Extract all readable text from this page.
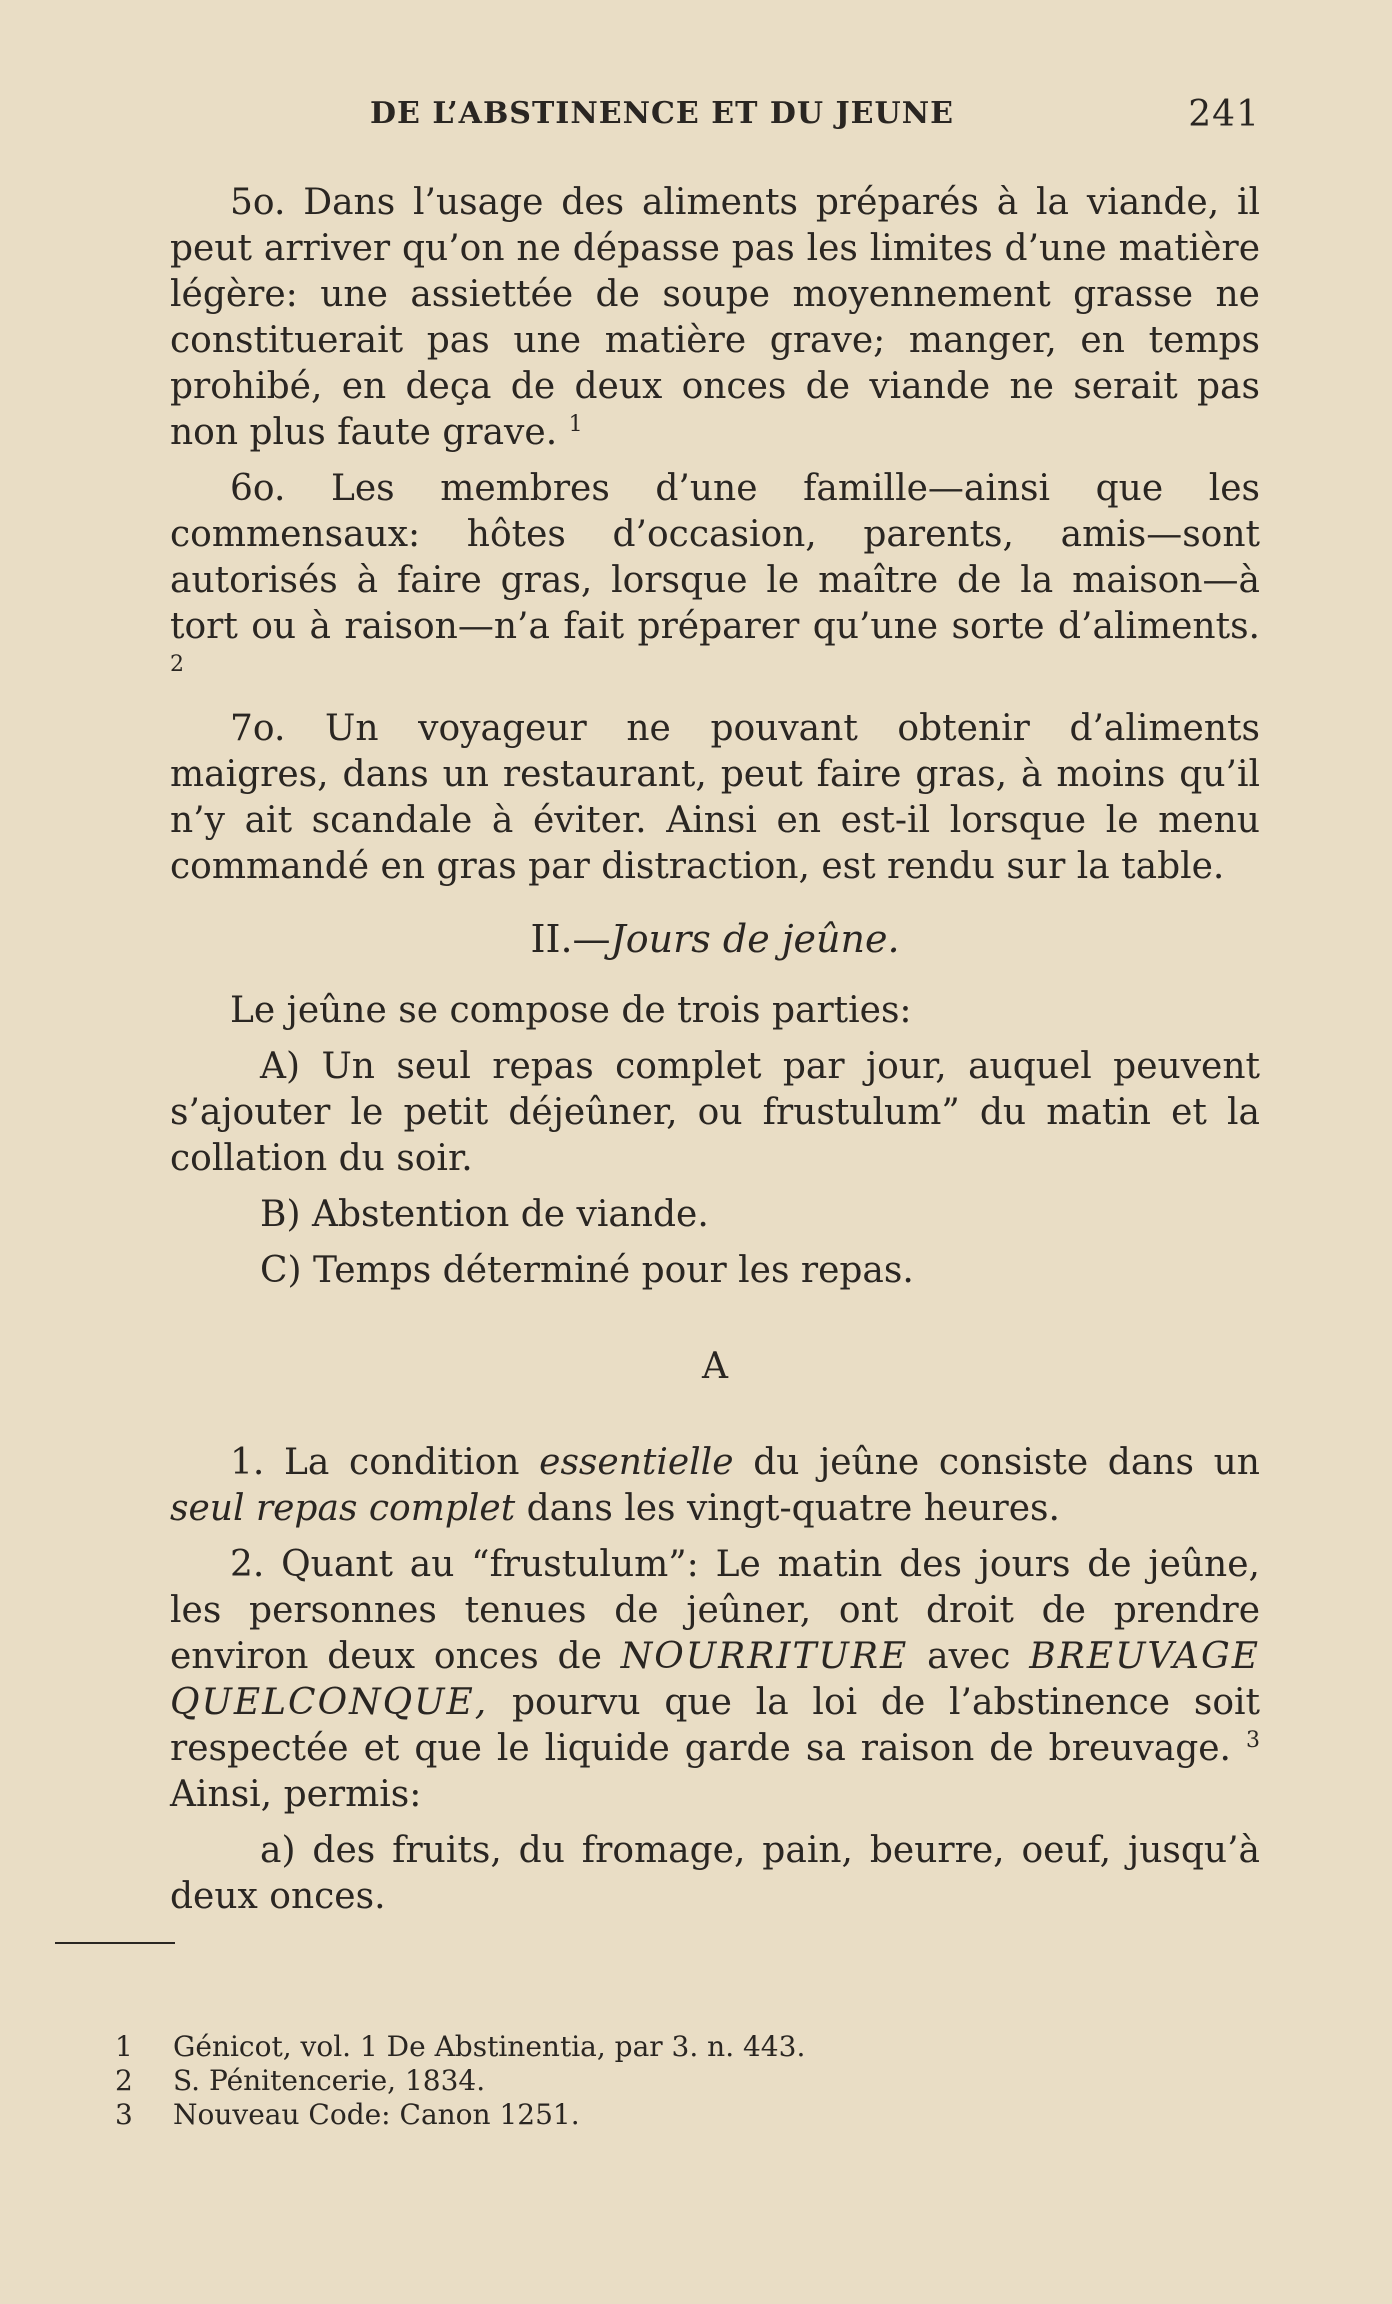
DE L’ABSTINENCE ET DU JEUNE	241

5o. Dans l’usage des aliments préparés à la viande, il peut arriver qu’on ne dépasse pas les limites d’une matière légère: une assiettée de soupe moyennement grasse ne constituerait pas une matière grave; manger, en temps prohibé, en deça de deux onces de viande ne serait pas non plus faute grave. $^1$

6o. Les membres d’une famille—ainsi que les commensaux: hôtes d’occasion, parents, amis—sont autorisés à faire gras, lorsque le maître de la maison—à tort ou à raison—n’a fait préparer qu’une sorte d’aliments. $^2$

7o. Un voyageur ne pouvant obtenir d’aliments maigres, dans un restaurant, peut faire gras, à moins qu’il n’y ait scandale à éviter. Ainsi en est-il lorsque le menu commandé en gras par distraction, est rendu sur la table.

II.—Jours de jeûne.

Le jeûne se compose de trois parties:

A) Un seul repas complet par jour, auquel peuvent s’ajouter le petit déjeûner, ou frustulum” du matin et la collation du soir.

B) Abstention de viande.

C) Temps déterminé pour les repas.

A

1. La condition essentielle du jeûne consiste dans un seul repas complet dans les vingt-quatre heures.

2. Quant au “frustulum”: Le matin des jours de jeûne, les personnes tenues de jeûner, ont droit de prendre environ deux onces de NOURRITURE avec BREUVAGE QUELCONQUE, pourvu que la loi de l’abstinence soit respectée et que le liquide garde sa raison de breuvage. $^3$ Ainsi, permis:

a) des fruits, du fromage, pain, beurre, oeuf, jusqu’à deux onces.

1	Génicot, vol. 1 De Abstinentia, par 3. n. 443.
2	S. Pénitencerie, 1834.
3	Nouveau Code: Canon 1251.
